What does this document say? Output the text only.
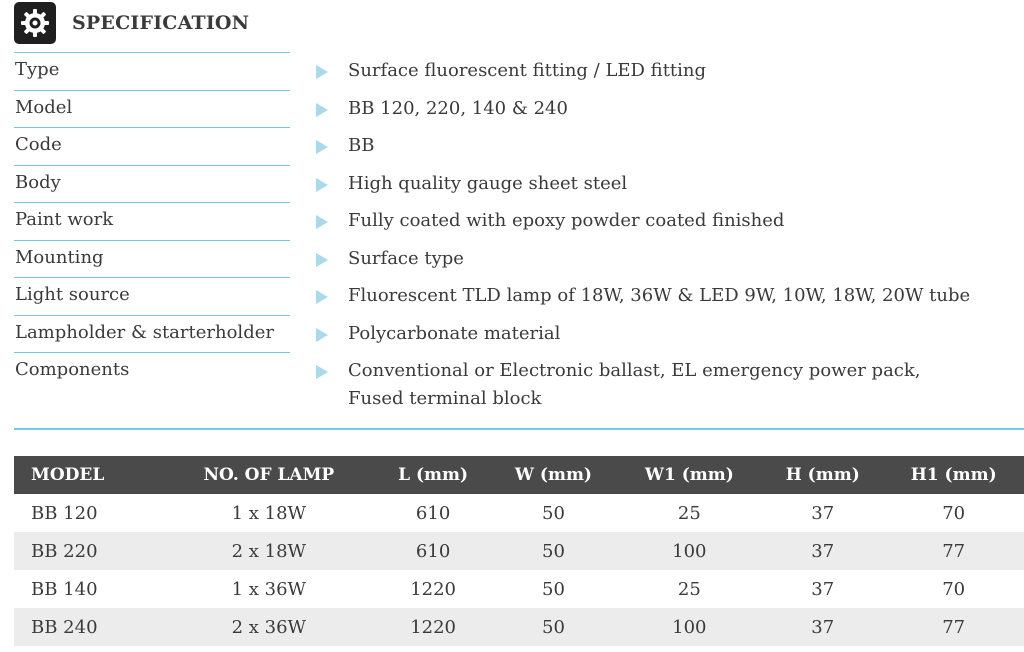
SPECIFICATION
Type	Surface fluorescent fitting / LED fitting
Model	BB 120, 220, 140 & 240
Code	BB
Body	High quality gauge sheet steel
Paint work	Fully coated with epoxy powder coated finished
Mounting	Surface type
Light source	Fluorescent TLD lamp of 18W, 36W & LED 9W, 10W, 18W, 20W tube
Lampholder & starterholder	Polycarbonate material
Components	Conventional or Electronic ballast, EL emergency power pack,
Fused terminal block
MODEL	NO. OF LAMP	L (mm)	W (mm)	W1 (mm)	H (mm)	H1 (mm)
BB 120	1 x 18W	610	50	25	37	70
BB 220	2 x 18W	610	50	100	37	77
BB 140	1 x 36W	1220	50	25	37	70
BB 240	2 x 36W	1220	50	100	37	77
